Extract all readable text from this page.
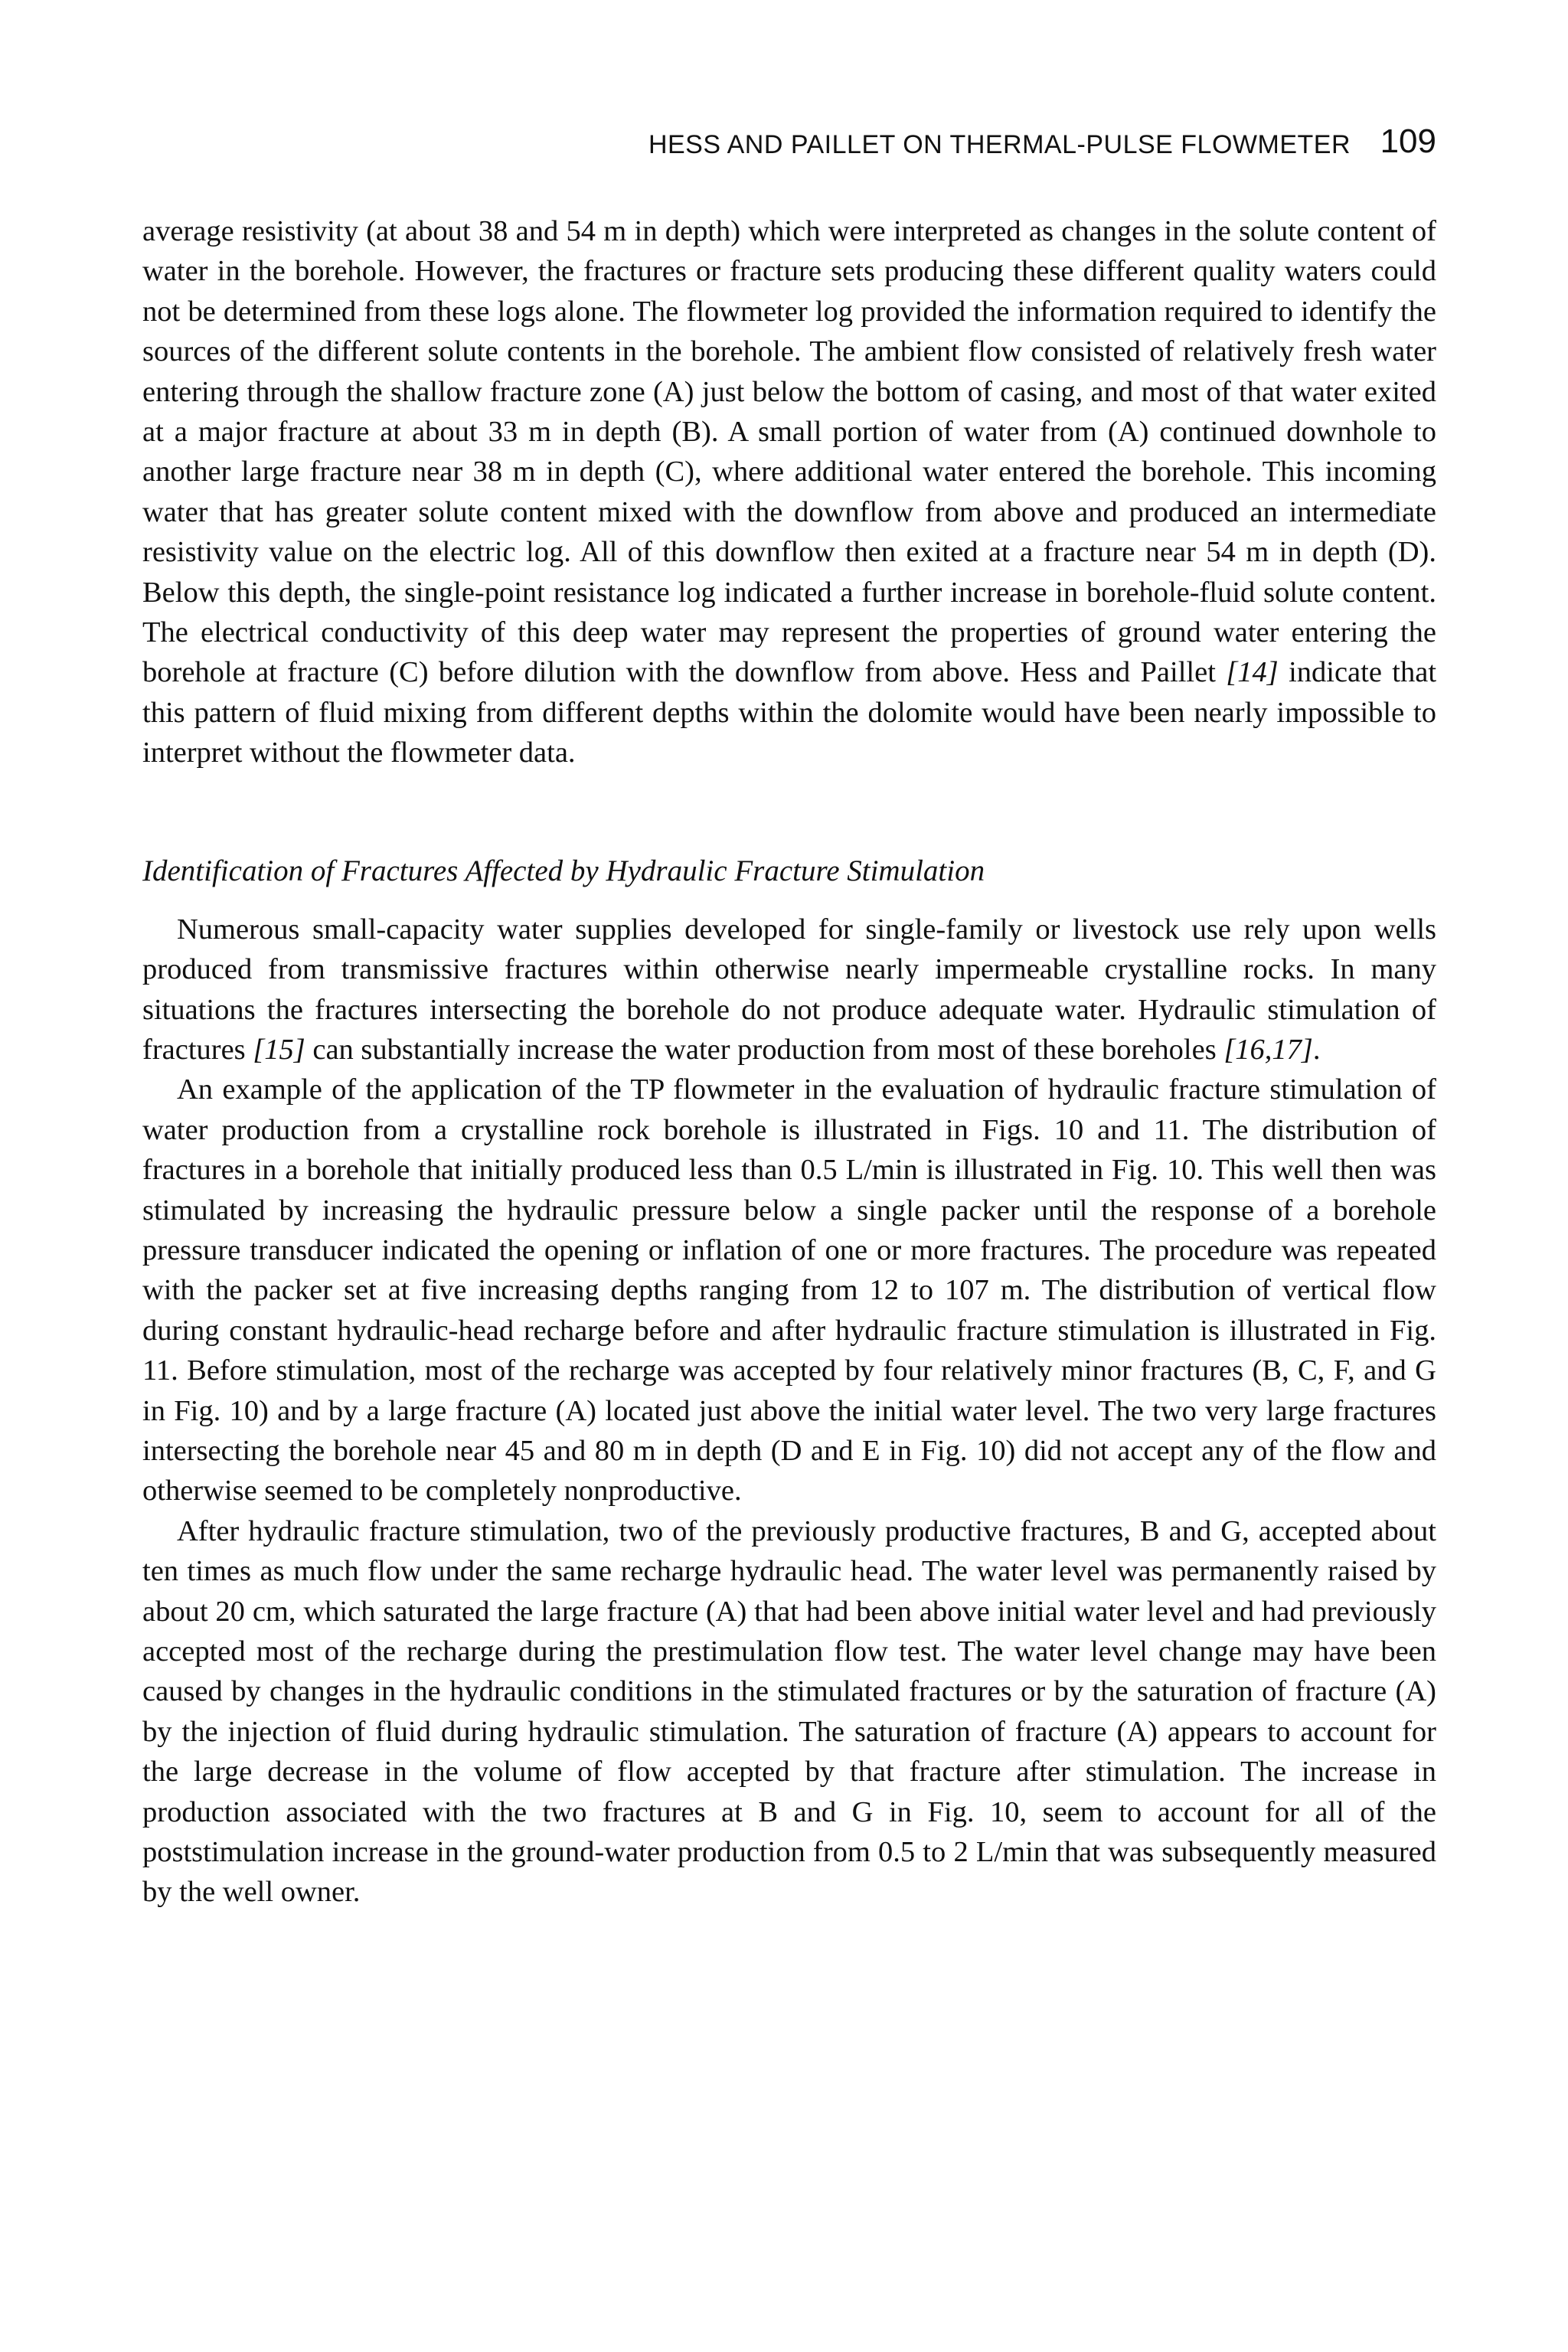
HESS AND PAILLET ON THERMAL-PULSE FLOWMETER 109

average resistivity (at about 38 and 54 m in depth) which were interpreted as changes in the solute content of water in the borehole. However, the fractures or fracture sets producing these different quality waters could not be determined from these logs alone. The flowmeter log provided the information required to identify the sources of the different solute contents in the borehole. The ambient flow consisted of relatively fresh water entering through the shallow fracture zone (A) just below the bottom of casing, and most of that water exited at a major fracture at about 33 m in depth (B). A small portion of water from (A) continued downhole to another large fracture near 38 m in depth (C), where additional water entered the borehole. This incoming water that has greater solute content mixed with the downflow from above and produced an intermediate resistivity value on the electric log. All of this downflow then exited at a fracture near 54 m in depth (D). Below this depth, the single-point resistance log indicated a further increase in borehole-fluid solute content. The electrical conductivity of this deep water may represent the properties of ground water entering the borehole at fracture (C) before dilution with the downflow from above. Hess and Paillet [14] indicate that this pattern of fluid mixing from different depths within the dolomite would have been nearly impossible to interpret without the flowmeter data.

Identification of Fractures Affected by Hydraulic Fracture Stimulation

Numerous small-capacity water supplies developed for single-family or livestock use rely upon wells produced from transmissive fractures within otherwise nearly impermeable crystalline rocks. In many situations the fractures intersecting the borehole do not produce adequate water. Hydraulic stimulation of fractures [15] can substantially increase the water production from most of these boreholes [16,17].

An example of the application of the TP flowmeter in the evaluation of hydraulic fracture stimulation of water production from a crystalline rock borehole is illustrated in Figs. 10 and 11. The distribution of fractures in a borehole that initially produced less than 0.5 L/min is illustrated in Fig. 10. This well then was stimulated by increasing the hydraulic pressure below a single packer until the response of a borehole pressure transducer indicated the opening or inflation of one or more fractures. The procedure was repeated with the packer set at five increasing depths ranging from 12 to 107 m. The distribution of vertical flow during constant hydraulic-head recharge before and after hydraulic fracture stimulation is illustrated in Fig. 11. Before stimulation, most of the recharge was accepted by four relatively minor fractures (B, C, F, and G in Fig. 10) and by a large fracture (A) located just above the initial water level. The two very large fractures intersecting the borehole near 45 and 80 m in depth (D and E in Fig. 10) did not accept any of the flow and otherwise seemed to be completely nonproductive.

After hydraulic fracture stimulation, two of the previously productive fractures, B and G, accepted about ten times as much flow under the same recharge hydraulic head. The water level was permanently raised by about 20 cm, which saturated the large fracture (A) that had been above initial water level and had previously accepted most of the recharge during the prestimulation flow test. The water level change may have been caused by changes in the hydraulic conditions in the stimulated fractures or by the saturation of fracture (A) by the injection of fluid during hydraulic stimulation. The saturation of fracture (A) appears to account for the large decrease in the volume of flow accepted by that fracture after stimulation. The increase in production associated with the two fractures at B and G in Fig. 10, seem to account for all of the poststimulation increase in the ground-water production from 0.5 to 2 L/min that was subsequently measured by the well owner.
